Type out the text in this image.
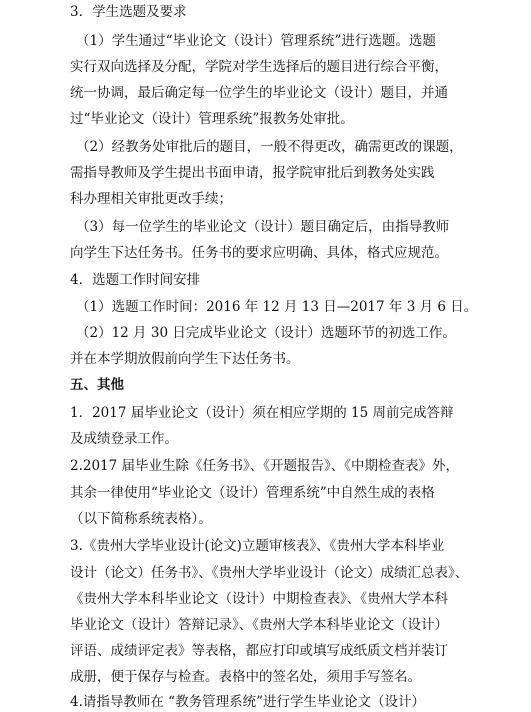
3．学生选题及要求
（1）学生通过“毕业论文（设计）管理系统”进行选题。选题
实行双向选择及分配，学院对学生选择后的题目进行综合平衡，
统一协调，最后确定每一位学生的毕业论文（设计）题目，并通
过“毕业论文（设计）管理系统”报教务处审批。
（2）经教务处审批后的题目，一般不得更改，确需更改的课题，
需指导教师及学生提出书面申请，报学院审批后到教务处实践
科办理相关审批更改手续；
（3）每一位学生的毕业论文（设计）题目确定后，由指导教师
向学生下达任务书。任务书的要求应明确、具体，格式应规范。
4．选题工作时间安排
（1）选题工作时间：2016 年 12 月 13 日—2017 年 3 月 6 日。
（2）12 月 30 日完成毕业论文（设计）选题环节的初选工作。
并在本学期放假前向学生下达任务书。
五、其他
1．2017 届毕业论文（设计）须在相应学期的 15 周前完成答辩
及成绩登录工作。
2.2017 届毕业生除《任务书》、《开题报告》、《中期检查表》外，
其余一律使用“毕业论文（设计）管理系统”中自然生成的表格
（以下简称系统表格）。
3.《贵州大学毕业设计(论文)立题审核表》、《贵州大学本科毕业
设计（论文）任务书》、《贵州大学毕业设计（论文）成绩汇总表》、
《贵州大学本科毕业论文（设计）中期检查表》、《贵州大学本科
毕业论文（设计）答辩记录》、《贵州大学本科毕业论文（设计）
评语、成绩评定表》等表格，都应打印或填写成纸质文档并装订
成册，便于保存与检查。表格中的签名处，须用手写签名。
4.请指导教师在 “教务管理系统”进行学生毕业论文（设计）
